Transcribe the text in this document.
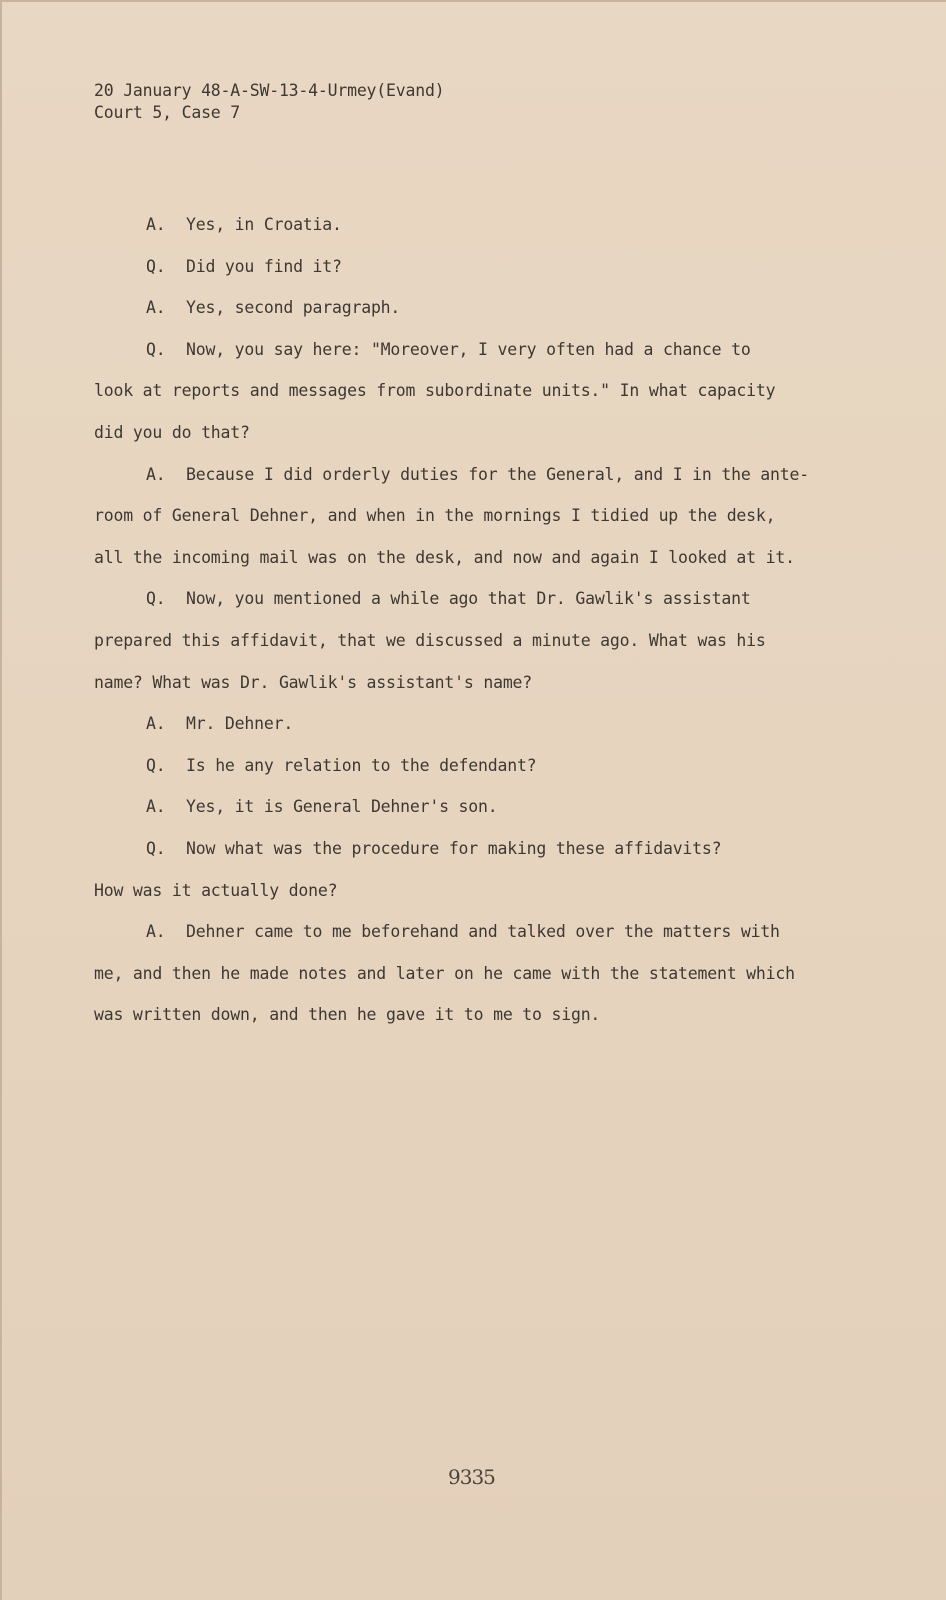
20 January 48-A-SW-13-4-Urmey(Evand)
Court 5, Case 7
A. Yes, in Croatia.
Q. Did you find it?
A. Yes, second paragraph.
Q. Now, you say here: "Moreover, I very often had a chance to
look at reports and messages from subordinate units." In what capacity
did you do that?
A. Because I did orderly duties for the General, and I in the ante-
room of General Dehner, and when in the mornings I tidied up the desk,
all the incoming mail was on the desk, and now and again I looked at it.
Q. Now, you mentioned a while ago that Dr. Gawlik's assistant
prepared this affidavit, that we discussed a minute ago. What was his
name? What was Dr. Gawlik's assistant's name?
A. Mr. Dehner.
Q. Is he any relation to the defendant?
A. Yes, it is General Dehner's son.
Q. Now what was the procedure for making these affidavits?
How was it actually done?
A. Dehner came to me beforehand and talked over the matters with
me, and then he made notes and later on he came with the statement which
was written down, and then he gave it to me to sign.
9335
